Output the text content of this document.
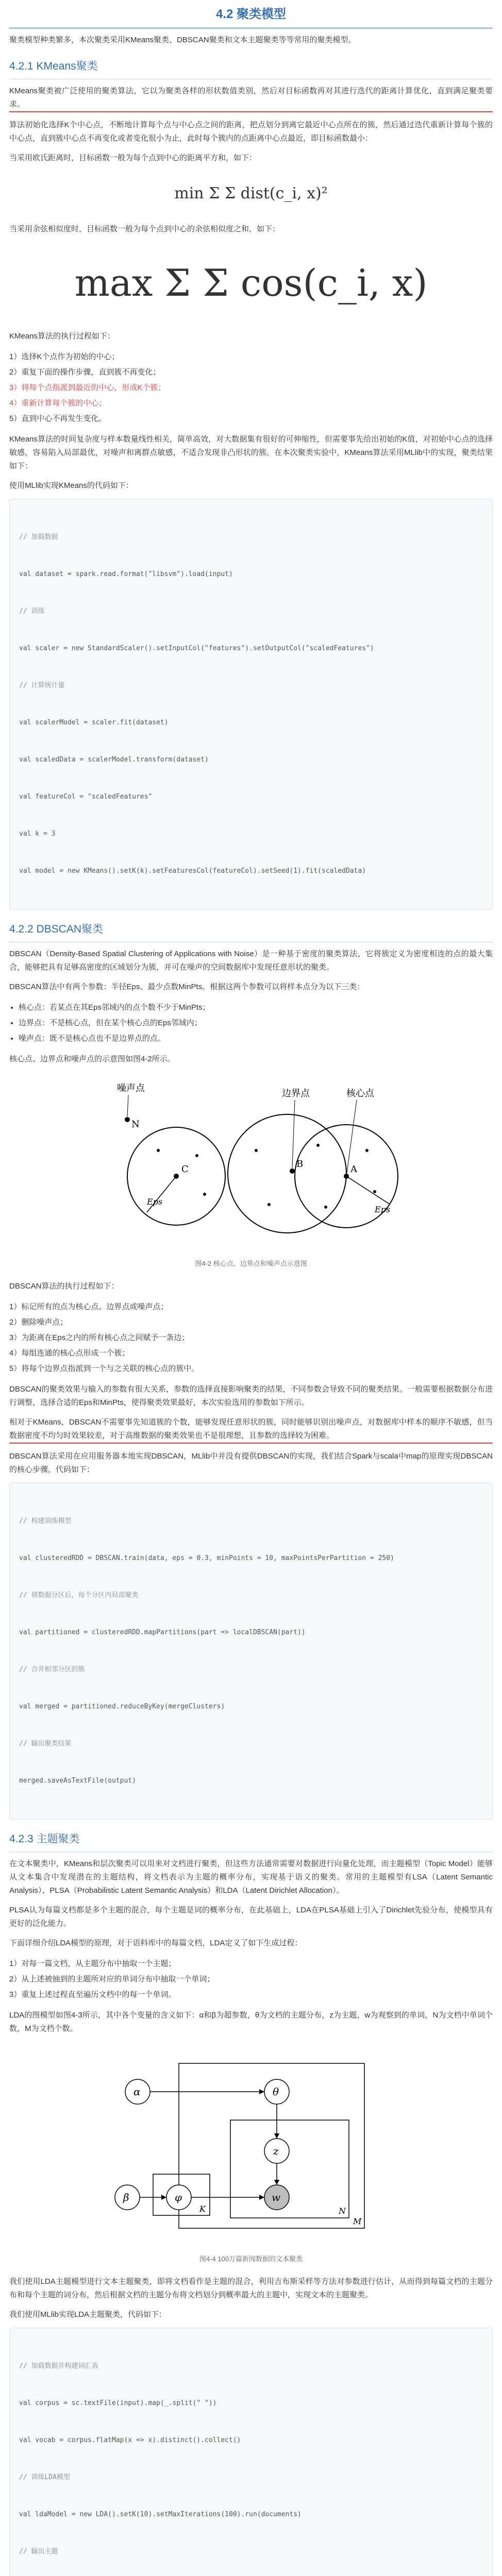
4.2 聚类模型

聚类模型种类繁多，本次聚类采用KMeans聚类、DBSCAN聚类和文本主题聚类等等常用的聚类模型。

4.2.1 KMeans聚类

KMeans聚类被广泛使用的聚类算法，它以为聚类各样的形状数值类别，然后对目标函数再对其进行迭代的距离计算优化，直到满足聚类要求。

算法初始化选择K个中心点，不断地计算每个点与中心点之间的距离，把点划分到离它最近中心点所在的簇，然后通过迭代重新计算每个簇的中心点，直到簇中心点不再变化或者变化很小为止，此时每个簇内的点距离中心点最近，即目标函数最小：

当采用欧氏距离时，目标函数一般为每个点到中心的距离平方和，如下：

min Σ Σ dist(c_i, x)²

当采用余弦相似度时，目标函数一般为每个点到中心的余弦相似度之和，如下：

max Σ Σ cos(c_i, x)

KMeans算法的执行过程如下：

1）选择K个点作为初始的中心；
2）重复下面的操作步骤，直到簇不再变化；
3）将每个点指派到最近的中心，形成K个簇；
4）重新计算每个簇的中心；
5）直到中心不再发生变化。

KMeans算法的时间复杂度与样本数量线性相关，简单高效，对大数据集有很好的可伸缩性，但需要事先给出初始的K值，对初始中心点的选择敏感，容易陷入局部最优，对噪声和离群点敏感，不适合发现非凸形状的簇。在本次聚类实验中，KMeans算法采用MLlib中的实现，聚类结果如下：

使用MLlib实现KMeans的代码如下：

// 加载数据

val dataset = spark.read.format("libsvm").load(input)

// 训练

val scaler = new StandardScaler().setInputCol("features").setOutputCol("scaledFeatures")

// 计算统计量

val scalerModel = scaler.fit(dataset)

val scaledData = scalerModel.transform(dataset)

val featureCol = "scaledFeatures"

val k = 3

val model = new KMeans().setK(k).setFeaturesCol(featureCol).setSeed(1).fit(scaledData)

4.2.2 DBSCAN聚类

DBSCAN（Density-Based Spatial Clustering of Applications with Noise）是一种基于密度的聚类算法，它将簇定义为密度相连的点的最大集合，能够把具有足够高密度的区域划分为簇，并可在噪声的空间数据库中发现任意形状的聚类。

DBSCAN算法中有两个参数：半径Eps、最少点数MinPts。根据这两个参数可以将样本点分为以下三类：

• 核心点：若某点在其Eps邻域内的点个数不少于MinPts；
• 边界点：不是核心点，但在某个核心点的Eps邻域内；
• 噪声点：既不是核心点也不是边界点的点。

核心点、边界点和噪声点的示意图如图4-2所示。

噪声点	边界点	核心点
Eps
Eps
C	B	A
N
图4-2 核心点、边界点和噪声点示意图

DBSCAN算法的执行过程如下：

1）标记所有的点为核心点、边界点或噪声点；
2）删除噪声点；
3）为距离在Eps之内的所有核心点之间赋予一条边；
4）每组连通的核心点形成一个簇；
5）将每个边界点指派到一个与之关联的核心点的簇中。

DBSCAN的聚类效果与输入的参数有很大关系，参数的选择直接影响聚类的结果，不同参数会导致不同的聚类结果。一般需要根据数据分布进行调整，选择合适的Eps和MinPts，使得聚类效果最好，本次实验选用的参数如下所示。

相对于KMeans，DBSCAN不需要事先知道簇的个数，能够发现任意形状的簇，同时能够识别出噪声点，对数据库中样本的顺序不敏感，但当数据密度不均匀时效果较差，对于高维数据的聚类效果也不是很理想，且参数的选择较为困难。

DBSCAN算法采用在应用服务器本地实现DBSCAN，MLlib中并没有提供DBSCAN的实现，我们结合Spark与scala中map的原理实现DBSCAN的核心步骤，代码如下：

// 构建训练模型

val clusteredRDD = DBSCAN.train(data, eps = 0.3, minPoints = 10, maxPointsPerPartition = 250)

// 将数据分区后，每个分区内局部聚类

val partitioned = clusteredRDD.mapPartitions(part => localDBSCAN(part))

// 合并相邻分区的簇

val merged = partitioned.reduceByKey(mergeClusters)

// 输出聚类结果

merged.saveAsTextFile(output)

4.2.3 主题聚类

在文本聚类中，KMeans和层次聚类可以用来对文档进行聚类，但这些方法通常需要对数据进行向量化处理，而主题模型（Topic Model）能够从文本集合中发现潜在的主题结构，将文档表示为主题的概率分布，实现基于语义的聚类。常用的主题模型有LSA（Latent Semantic Analysis）、PLSA（Probabilistic Latent Semantic Analysis）和LDA（Latent Dirichlet Allocation）。

PLSA认为每篇文档都是多个主题的混合，每个主题是词的概率分布，在此基础上，LDA在PLSA基础上引入了Dirichlet先验分布，使模型具有更好的泛化能力。

下面详细介绍LDA模型的原理，对于语料库中的每篇文档，LDA定义了如下生成过程：

1）对每一篇文档，从主题分布中抽取一个主题；
2）从上述被抽到的主题所对应的单词分布中抽取一个单词；
3）重复上述过程直至遍历文档中的每一个单词。

LDA的图模型如图4-3所示，其中各个变量的含义如下：α和β为超参数，θ为文档的主题分布，z为主题，w为观察到的单词，N为文档中单词个数，M为文档个数。

α	θ
z
w
β	φ
K	N
M
图4-4 100万篇新闻数据的文本聚类

我们使用LDA主题模型进行文本主题聚类，即将文档看作是主题的混合，利用吉布斯采样等方法对参数进行估计，从而得到每篇文档的主题分布和每个主题的词分布，然后根据文档的主题分布将文档划分到概率最大的主题中，实现文本的主题聚类。

我们使用MLlib实现LDA主题聚类，代码如下：

// 加载数据并构建词汇表

val corpus = sc.textFile(input).map(_.split(" "))

val vocab = corpus.flatMap(x => x).distinct().collect()

// 训练LDA模型

val ldaModel = new LDA().setK(10).setMaxIterations(100).run(documents)

// 输出主题
